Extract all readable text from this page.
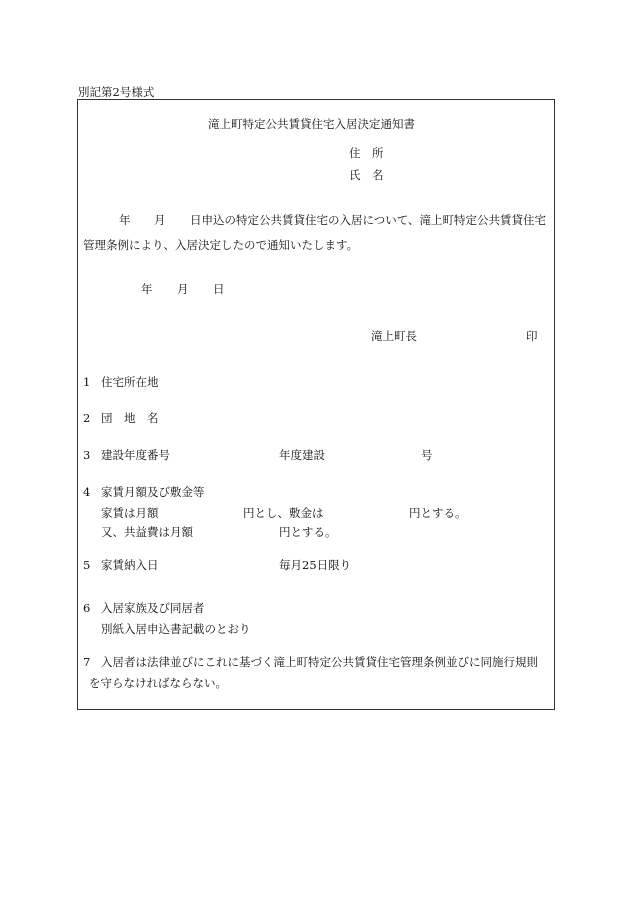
別記第2号様式
滝上町特定公共賃貸住宅入居決定通知書
住　所
氏　名
年 月 日申込の特定公共賃貸住宅の入居について、滝上町特定公共賃貸住宅
管理条例により、入居決定したので通知いたします。
年 月 日
滝上町長	印
1 住宅所在地
2 団　地　名
3 建設年度番号	年度建設	号
4 家賃月額及び敷金等
家賃は月額	円とし、敷金は	円とする。
又、共益費は月額	円とする。
5 家賃納入日	毎月25日限り
6 入居家族及び同居者
別紙入居申込書記載のとおり
7 入居者は法律並びにこれに基づく滝上町特定公共賃貸住宅管理条例並びに同施行規則
を守らなければならない。
